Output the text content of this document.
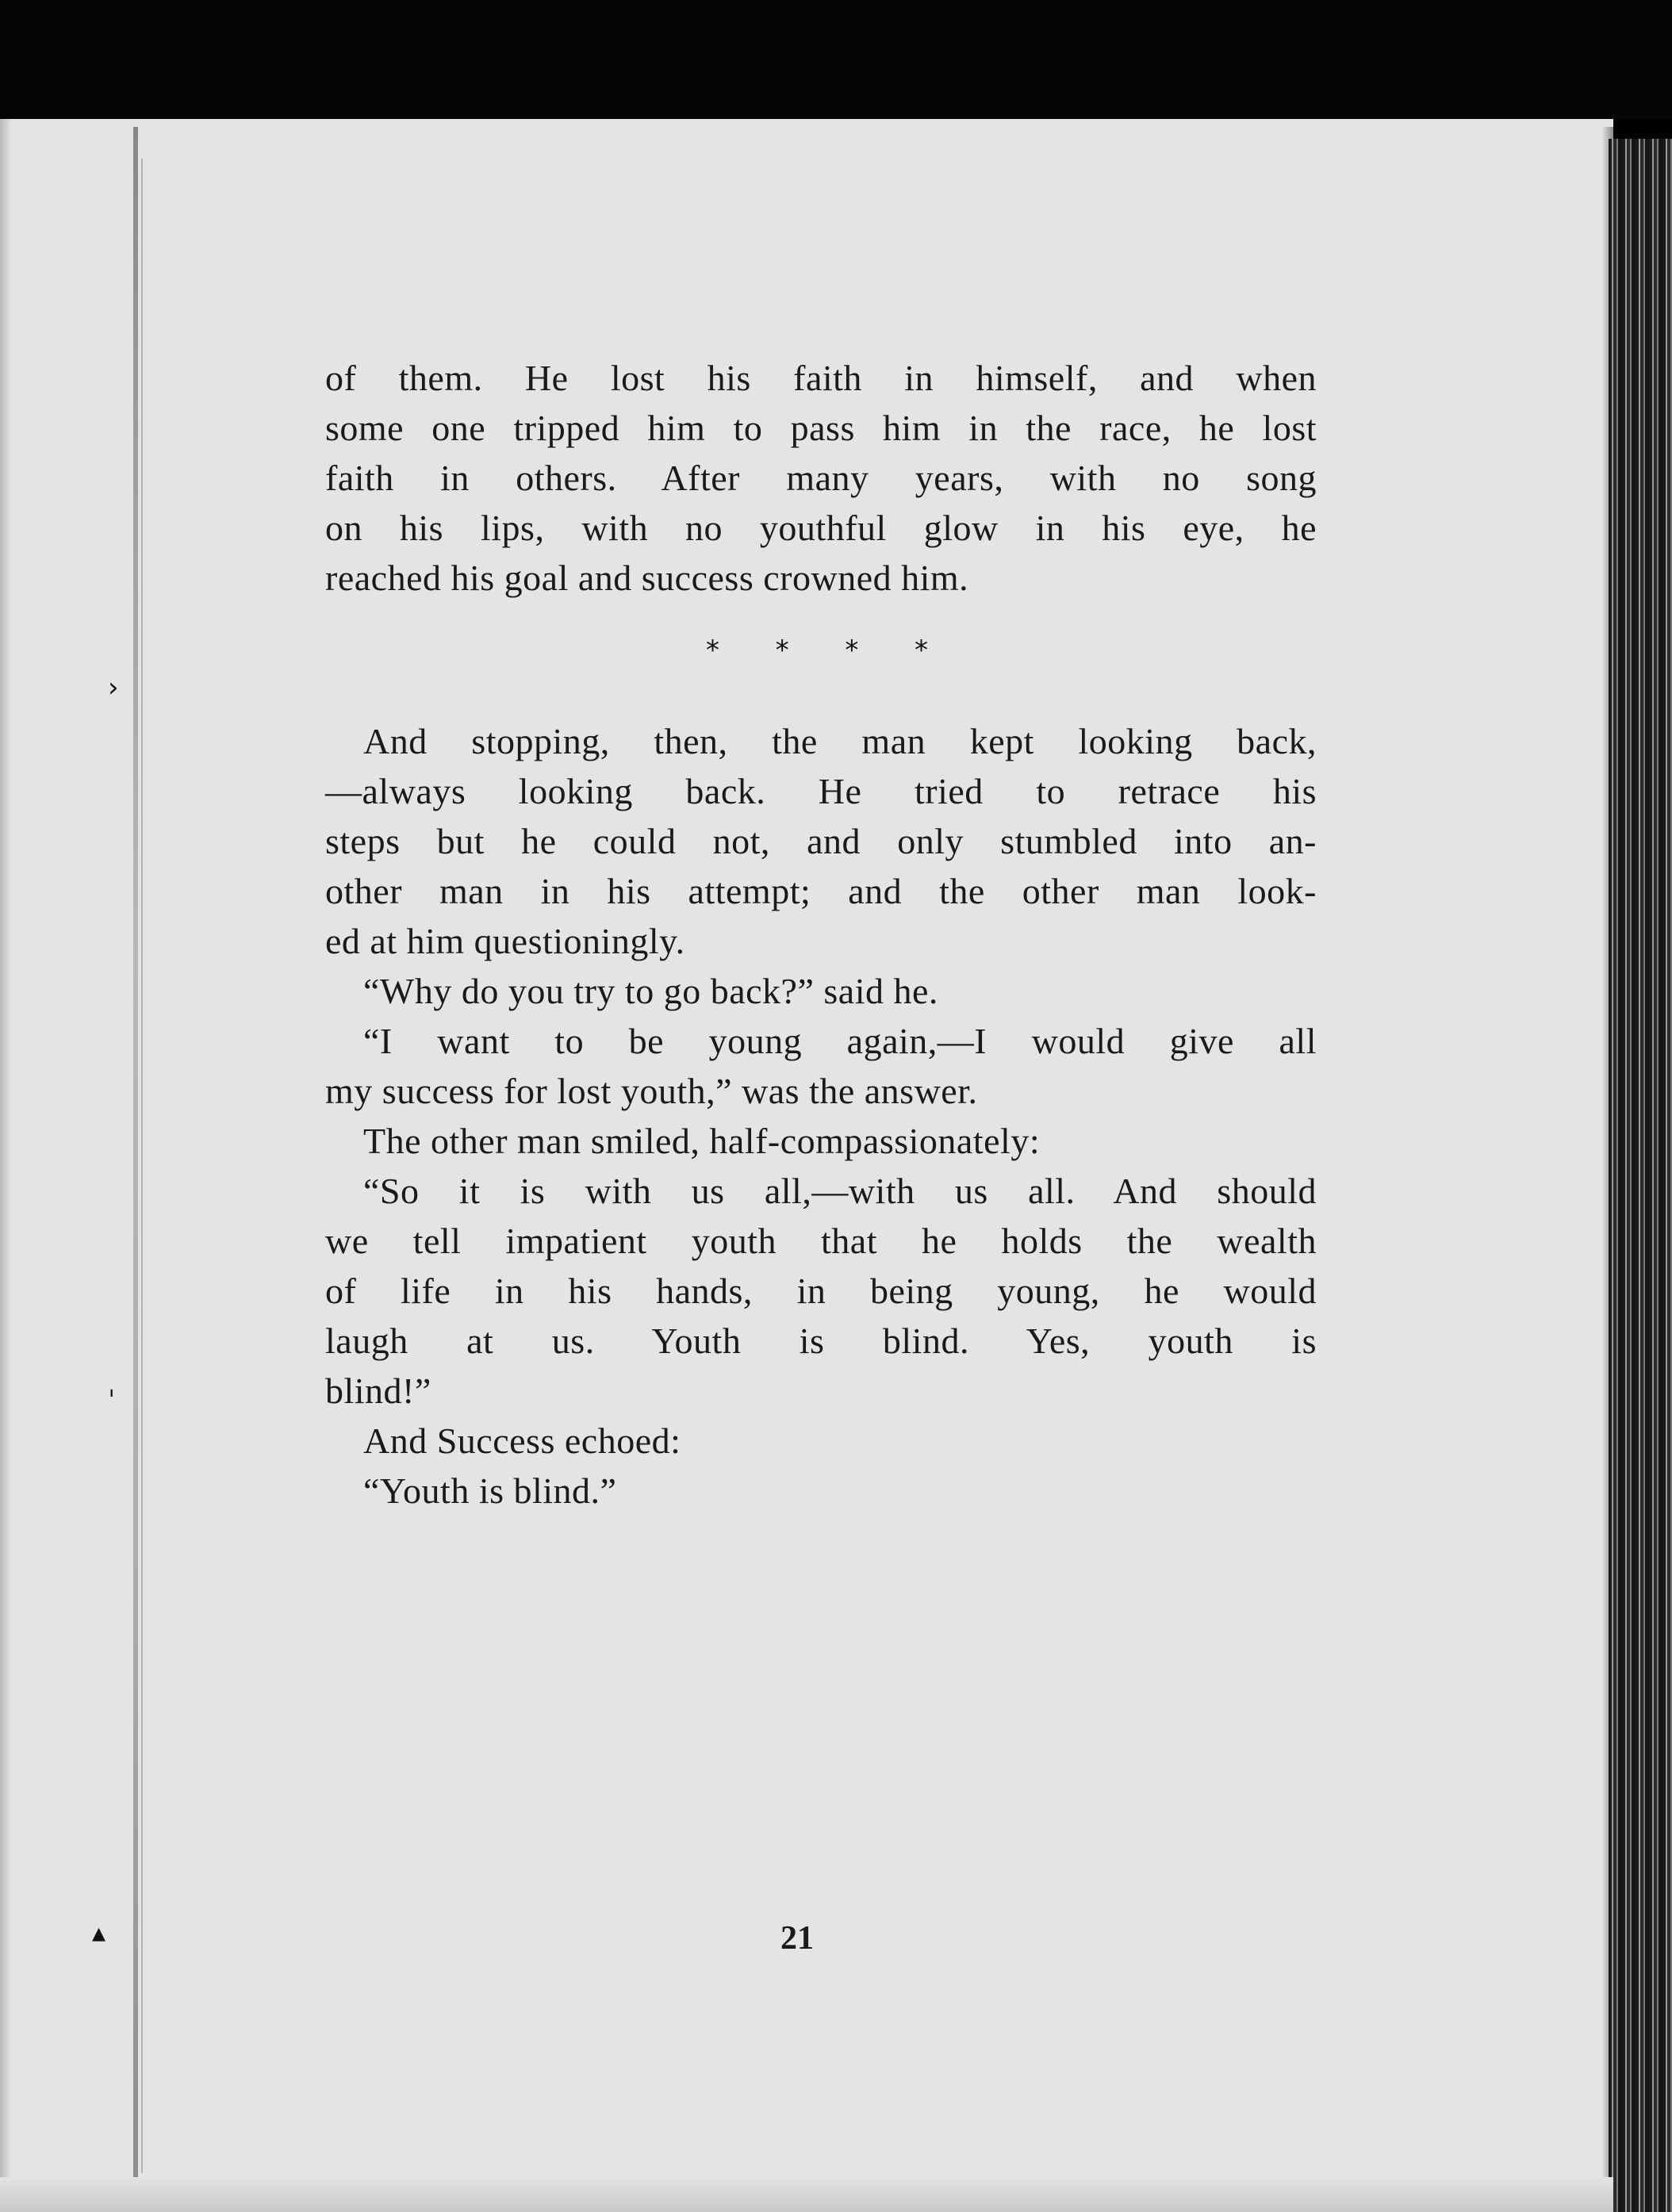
›
ˌ
▴
of them. He lost his faith in himself, and when
some one tripped him to pass him in the race, he lost
faith in others. After many years, with no song
on his lips, with no youthful glow in his eye, he
reached his goal and success crowned him.
* * * *
And stopping, then, the man kept looking back,
—always looking back. He tried to retrace his
steps but he could not, and only stumbled into an-
other man in his attempt; and the other man look-
ed at him questioningly.
“Why do you try to go back?” said he.
“I want to be young again,—I would give all
my success for lost youth,” was the answer.
The other man smiled, half-compassionately:
“So it is with us all,—with us all. And should
we tell impatient youth that he holds the wealth
of life in his hands, in being young, he would
laugh at us. Youth is blind. Yes, youth is
blind!”
And Success echoed:
“Youth is blind.”
21
